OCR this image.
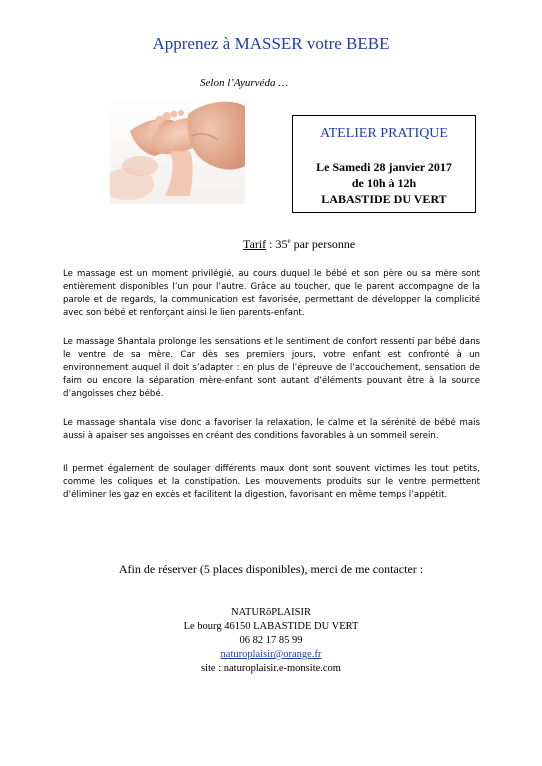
Apprenez à MASSER votre BEBE
Selon l’Ayurvéda …
ATELIER PRATIQUE
Le Samedi 28 janvier 2017
de 10h à 12h
LABASTIDE DU VERT
Tarif : 35e par personne
Le massage est un moment privilégié, au cours duquel le bébé et son père ou sa mère sont entièrement disponibles l’un pour l’autre. Grâce au toucher, que le parent accompagne de la parole et de regards, la communication est favorisée, permettant de développer la complicité avec son bébé et renforçant ainsi le lien parents-enfant.
Le massage Shantala prolonge les sensations et le sentiment de confort ressenti par bébé dans le ventre de sa mère. Car dès ses premiers jours, votre enfant est confronté à un environnement auquel il doit s’adapter : en plus de l’épreuve de l’accouchement, sensation de faim ou encore la séparation mère-enfant sont autant d’éléments pouvant être à la source d’angoisses chez bébé.
Le massage shantala vise donc a favoriser la relaxation, le calme et la sérénité de bébé mais aussi à apaiser ses angoisses en créant des conditions favorables à un sommeil serein.
Il permet également de soulager différents maux dont sont souvent victimes les tout petits, comme les coliques et la constipation. Les mouvements produits sur le ventre permettent d’éliminer les gaz en excès et facilitent la digestion, favorisant en même temps l’appétit.
Afin de réserver (5 places disponibles), merci de me contacter :
NATURôPLAISIR
Le bourg 46150 LABASTIDE DU VERT
06 82 17 85 99
naturoplaisir@orange.fr
site : naturoplaisir.e-monsite.com
